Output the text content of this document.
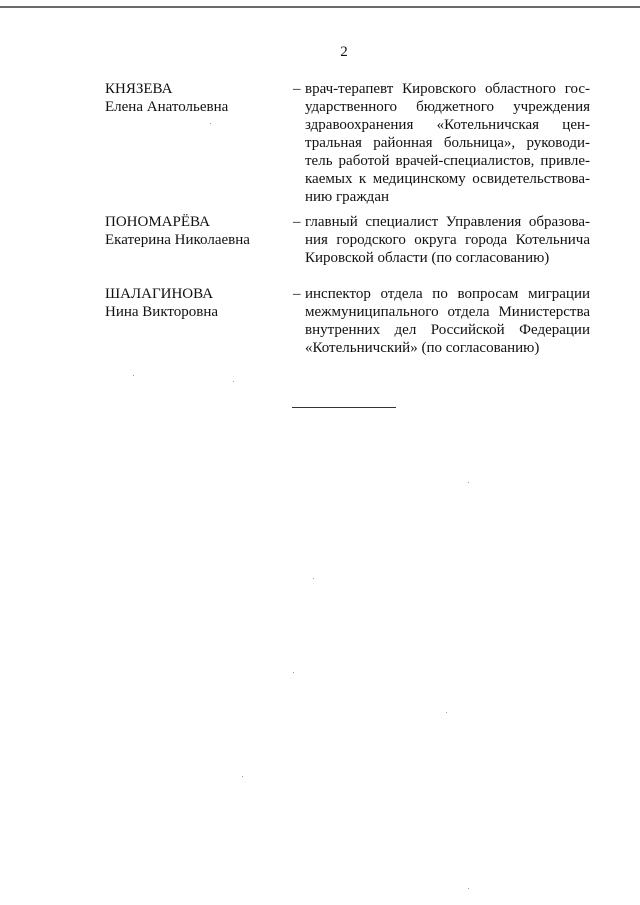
2
КНЯЗЕВА
Елена Анатольевна
– врач-терапевт Кировского областного гос-
ударственного бюджетного учреждения
здравоохранения «Котельничская цен-
тральная районная больница», руководи-
тель работой врачей-специалистов, привле-
каемых к медицинскому освидетельствова-
нию граждан
ПОНОМАРЁВА
Екатерина Николаевна
– главный специалист Управления образова-
ния городского округа города Котельнича
Кировской области (по согласованию)
ШАЛАГИНОВА
Нина Викторовна
– инспектор отдела по вопросам миграции
межмуниципального отдела Министерства
внутренних дел Российской Федерации
«Котельничский» (по согласованию)
